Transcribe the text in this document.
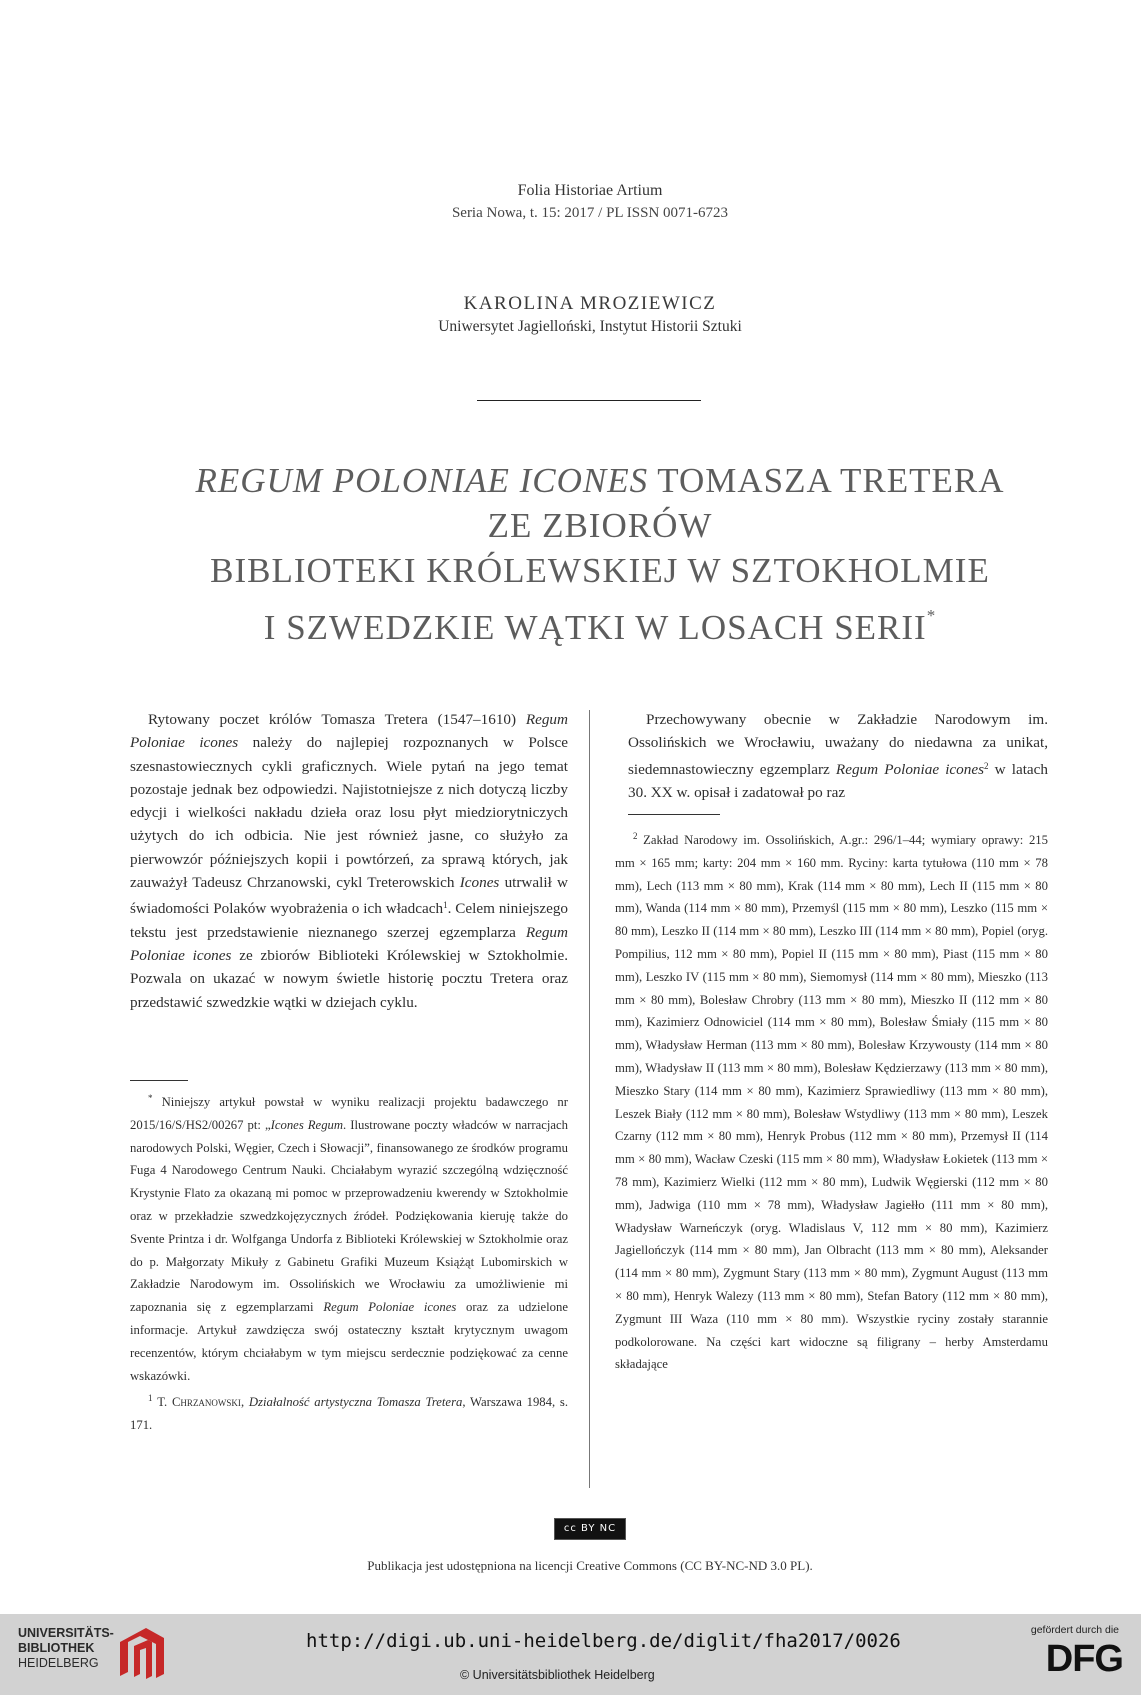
Folia Historiae Artium
Seria Nowa, t. 15: 2017 / PL ISSN 0071-6723
KAROLINA MROZIEWICZ
Uniwersytet Jagielloński, Instytut Historii Sztuki
REGUM POLONIAE ICONES TOMASZA TRETERA
ZE ZBIORÓW
BIBLIOTEKI KRÓLEWSKIEJ W SZTOKHOLMIE
I SZWEDZKIE WĄTKI W LOSACH SERII*

Rytowany poczet królów Tomasza Tretera (1547–1610) Regum Poloniae icones należy do najlepiej rozpoznanych w Polsce szesnastowiecznych cykli graficznych. Wiele pytań na jego temat pozostaje jednak bez odpowiedzi. Najistotniejsze z nich dotyczą liczby edycji i wielkości nakładu dzieła oraz losu płyt miedziorytniczych użytych do ich odbicia. Nie jest również jasne, co służyło za pierwowzór późniejszych kopii i powtórzeń, za sprawą których, jak zauważył Tadeusz Chrzanowski, cykl Treterowskich Icones utrwalił w świadomości Polaków wyobrażenia o ich władcach$^1$. Celem niniejszego tekstu jest przedstawienie nieznanego szerzej egzemplarza Regum Poloniae icones ze zbiorów Biblioteki Królewskiej w Sztokholmie. Pozwala on ukazać w nowym świetle historię pocztu Tretera oraz przedstawić szwedzkie wątki w dziejach cyklu.

Przechowywany obecnie w Zakładzie Narodowym im. Ossolińskich we Wrocławiu, uważany do niedawna za unikat, siedemnastowieczny egzemplarz Regum Poloniae icones$^2$ w latach 30. XX w. opisał i zadatował po raz

* Niniejszy artykuł powstał w wyniku realizacji projektu badawczego nr 2015/16/S/HS2/00267 pt: „Icones Regum. Ilustrowane poczty władców w narracjach narodowych Polski, Węgier, Czech i Słowacji”, finansowanego ze środków programu Fuga 4 Narodowego Centrum Nauki. Chciałabym wyrazić szczególną wdzięczność Krystynie Flato za okazaną mi pomoc w przeprowadzeniu kwerendy w Sztokholmie oraz w przekładzie szwedzkojęzycznych źródeł. Podziękowania kieruję także do Svente Printza i dr. Wolfganga Undorfa z Biblioteki Królewskiej w Sztokholmie oraz do p. Małgorzaty Mikuły z Gabinetu Grafiki Muzeum Książąt Lubomirskich w Zakładzie Narodowym im. Ossolińskich we Wrocławiu za umożliwienie mi zapoznania się z egzemplarzami Regum Poloniae icones oraz za udzielone informacje. Artykuł zawdzięcza swój ostateczny kształt krytycznym uwagom recenzentów, którym chciałabym w tym miejscu serdecznie podziękować za cenne wskazówki.

$^1$ T. Chrzanowski, Działalność artystyczna Tomasza Tretera, Warszawa 1984, s. 171.

$^2$ Zakład Narodowy im. Ossolińskich, A.gr.: 296/1–44; wymiary oprawy: 215 mm × 165 mm; karty: 204 mm × 160 mm. Ryciny: karta tytułowa (110 mm × 78 mm), Lech (113 mm × 80 mm), Krak (114 mm × 80 mm), Lech II (115 mm × 80 mm), Wanda (114 mm × 80 mm), Przemyśl (115 mm × 80 mm), Leszko (115 mm × 80 mm), Leszko II (114 mm × 80 mm), Leszko III (114 mm × 80 mm), Popiel (oryg. Pompilius, 112 mm × 80 mm), Popiel II (115 mm × 80 mm), Piast (115 mm × 80 mm), Leszko IV (115 mm × 80 mm), Siemomysł (114 mm × 80 mm), Mieszko (113 mm × 80 mm), Bolesław Chrobry (113 mm × 80 mm), Mieszko II (112 mm × 80 mm), Kazimierz Odnowiciel (114 mm × 80 mm), Bolesław Śmiały (115 mm × 80 mm), Władysław Herman (113 mm × 80 mm), Bolesław Krzywousty (114 mm × 80 mm), Władysław II (113 mm × 80 mm), Bolesław Kędzierzawy (113 mm × 80 mm), Mieszko Stary (114 mm × 80 mm), Kazimierz Sprawiedliwy (113 mm × 80 mm), Leszek Biały (112 mm × 80 mm), Bolesław Wstydliwy (113 mm × 80 mm), Leszek Czarny (112 mm × 80 mm), Henryk Probus (112 mm × 80 mm), Przemysł II (114 mm × 80 mm), Wacław Czeski (115 mm × 80 mm), Władysław Łokietek (113 mm × 78 mm), Kazimierz Wielki (112 mm × 80 mm), Ludwik Węgierski (112 mm × 80 mm), Jadwiga (110 mm × 78 mm), Władysław Jagiełło (111 mm × 80 mm), Władysław Warneńczyk (oryg. Wladislaus V, 112 mm × 80 mm), Kazimierz Jagiellończyk (114 mm × 80 mm), Jan Olbracht (113 mm × 80 mm), Aleksander (114 mm × 80 mm), Zygmunt Stary (113 mm × 80 mm), Zygmunt August (113 mm × 80 mm), Henryk Walezy (113 mm × 80 mm), Stefan Batory (112 mm × 80 mm), Zygmunt III Waza (110 mm × 80 mm). Wszystkie ryciny zostały starannie podkolorowane. Na części kart widoczne są filigrany – herby Amsterdamu składające

cc BY NC ND
Publikacja jest udostępniona na licencji Creative Commons (CC BY-NC-ND 3.0 PL).
UNIVERSITÄTS-
BIBLIOTHEK
HEIDELBERG
http://digi.ub.uni-heidelberg.de/diglit/fha2017/0026
© Universitätsbibliothek Heidelberg
gefördert durch die
DFG
